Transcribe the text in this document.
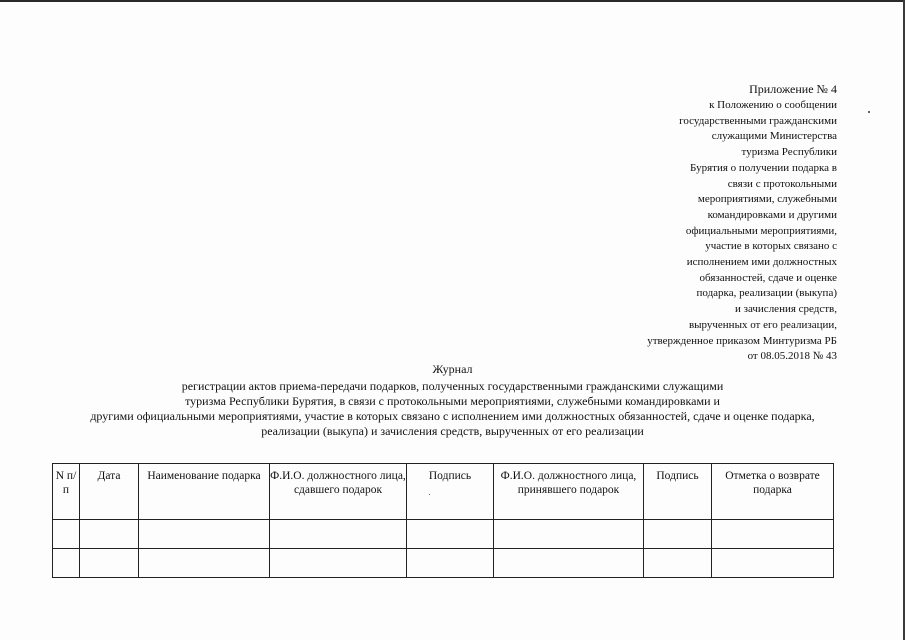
Приложение № 4
к Положению о сообщении
государственными гражданскими
служащими Министерства
туризма Республики
Бурятия о получении подарка в
связи с протокольными
мероприятиями, служебными
командировками и другими
официальными мероприятиями,
участие в которых связано с
исполнением ими должностных
обязанностей, сдаче и оценке
подарка, реализации (выкупа)
и зачисления средств,
вырученных от его реализации,
утвержденное приказом Минтуризма РБ
от 08.05.2018 № 43
Журнал
регистрации актов приема-передачи подарков, полученных государственными гражданскими служащими
туризма Республики Бурятия, в связи с протокольными мероприятиями, служебными командировками и
другими официальными мероприятиями, участие в которых связано с исполнением ими должностных обязанностей, сдаче и оценке подарка,
реализации (выкупа) и зачисления средств, вырученных от его реализации
N п/п	Дата	Наименование подарка	Ф.И.О. должностного лица, сдавшего подарок	Подпись	Ф.И.О. должностного лица, принявшего подарок	Подпись	Отметка о возврате подарка
